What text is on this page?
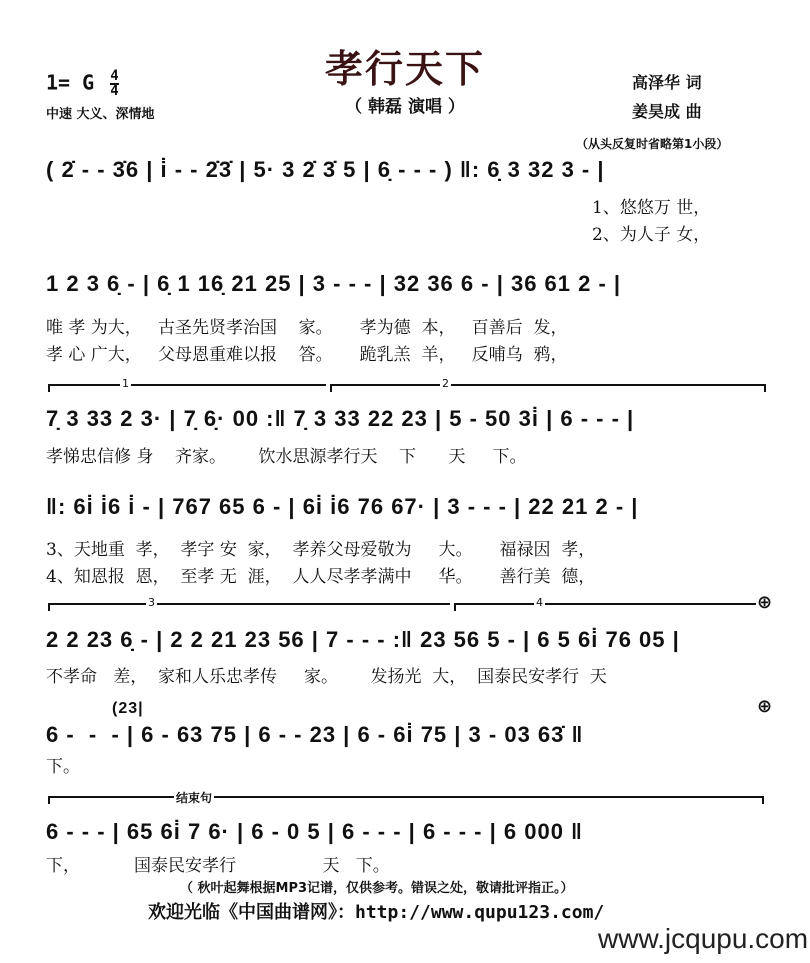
孝行天下
（ 韩磊 演唱 ）
1= G $\frac{4}{4}$
中速 大义、深情地
高泽华 词
姜昊成 曲
（从头反复时省略第1小段）
( 2̇ - - 3̇6 | i̇ - - 2̇3̇ | 5· 3 2̇ 3̇ 5 | 6̣ - - - ) ‖: 6̣ 3 32 3 - |
1、悠悠万 世，
2、为人子 女，
1 2 3 6̣ - | 6̣ 1 16̣ 21 25 | 3 - - - | 32 36 6 - | 36 61 2 - |
唯 孝 为大，   古圣先贤孝治国    家。     孝为德  本，   百善后  发，
孝 心 广大，   父母恩重难以报    答。     跪乳羔  羊，   反哺乌  鸦，
1	2
7̣ 3 33 2 3· | 7̣ 6̣· 00 :‖ 7̣ 3 33 22 23 | 5 - 50 3i̇ | 6 - - - |
孝悌忠信修 身    齐家。      饮水思源孝行天    下      天     下。
‖: 6i̇ i̇6 i̇ - | 767 65 6 - | 6i̇ i̇6 76 67· | 3 - - - | 22 21 2 - |
3、天地重  孝，  孝字 安  家，  孝养父母爱敬为     大。     福禄因  孝，
4、知恩报  恩，  至孝 无  涯，  人人尽孝孝满中     华。     善行美  德，
3	4	⊕
2 2 23 6̣ - | 2 2 21 23 56 | 7 - - - :‖ 23 56 5 - | 6 5 6i̇ 76 05 |
不孝命   差，  家和人乐忠孝传     家。      发扬光  大，  国泰民安孝行  天
(23|	⊕
6 -  -  - | 6 - 63 75 | 6 - - 23 | 6 - 6i̇ 75 | 3 - 03 63̇ ‖
下。
结束句
6 - - - | 65 6i̇ 7 6· | 6 - 0 5 | 6 - - - | 6 - - - | 6 000 ‖
下，          国泰民安孝行                天   下。
（ 秋叶起舞根据MP3记谱，仅供参考。错误之处，敬请批评指正。）
欢迎光临《中国曲谱网》：http://www.qupu123.com/
www.jcqupu.com
